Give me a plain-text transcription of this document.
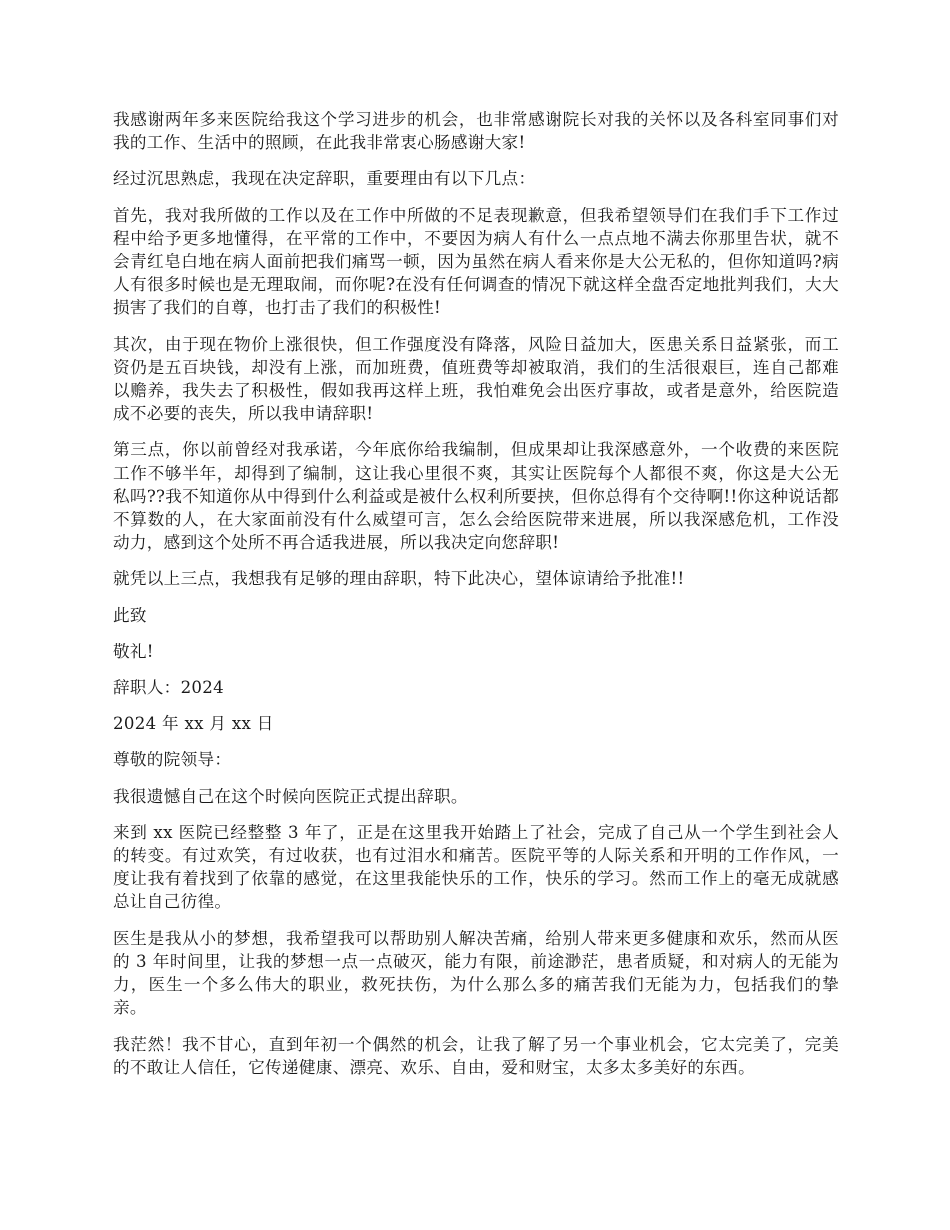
我感谢两年多来医院给我这个学习进步的机会，也非常感谢院长对我的关怀以及各科室同事们对我的工作、生活中的照顾，在此我非常衷心肠感谢大家!

经过沉思熟虑，我现在决定辞职，重要理由有以下几点：

首先，我对我所做的工作以及在工作中所做的不足表现歉意，但我希望领导们在我们手下工作过程中给予更多地懂得，在平常的工作中，不要因为病人有什么一点点地不满去你那里告状，就不会青红皂白地在病人面前把我们痛骂一顿，因为虽然在病人看来你是大公无私的，但你知道吗?病人有很多时候也是无理取闹，而你呢?在没有任何调查的情况下就这样全盘否定地批判我们，大大损害了我们的自尊，也打击了我们的积极性!

其次，由于现在物价上涨很快，但工作强度没有降落，风险日益加大，医患关系日益紧张，而工资仍是五百块钱，却没有上涨，而加班费，值班费等却被取消，我们的生活很艰巨，连自己都难以赡养，我失去了积极性，假如我再这样上班，我怕难免会出医疗事故，或者是意外，给医院造成不必要的丧失，所以我申请辞职!

第三点，你以前曾经对我承诺，今年底你给我编制，但成果却让我深感意外，一个收费的来医院工作不够半年，却得到了编制，这让我心里很不爽，其实让医院每个人都很不爽，你这是大公无私吗??我不知道你从中得到什么利益或是被什么权利所要挟，但你总得有个交待啊!!你这种说话都不算数的人，在大家面前没有什么威望可言，怎么会给医院带来进展，所以我深感危机，工作没动力，感到这个处所不再合适我进展，所以我决定向您辞职!

就凭以上三点，我想我有足够的理由辞职，特下此决心，望体谅请给予批准!!

此致

敬礼!

辞职人：2024

2024 年 xx 月 xx 日

尊敬的院领导：

我很遗憾自己在这个时候向医院正式提出辞职。

来到 xx 医院已经整整 3 年了，正是在这里我开始踏上了社会，完成了自己从一个学生到社会人的转变。有过欢笑，有过收获，也有过泪水和痛苦。医院平等的人际关系和开明的工作作风，一度让我有着找到了依靠的感觉，在这里我能快乐的工作，快乐的学习。然而工作上的毫无成就感总让自己彷徨。

医生是我从小的梦想，我希望我可以帮助别人解决苦痛，给别人带来更多健康和欢乐，然而从医的 3 年时间里，让我的梦想一点一点破灭，能力有限，前途渺茫，患者质疑，和对病人的无能为力，医生一个多么伟大的职业，救死扶伤，为什么那么多的痛苦我们无能为力，包括我们的挚亲。

我茫然！我不甘心，直到年初一个偶然的机会，让我了解了另一个事业机会，它太完美了，完美的不敢让人信任，它传递健康、漂亮、欢乐、自由，爱和财宝，太多太多美好的东西。
